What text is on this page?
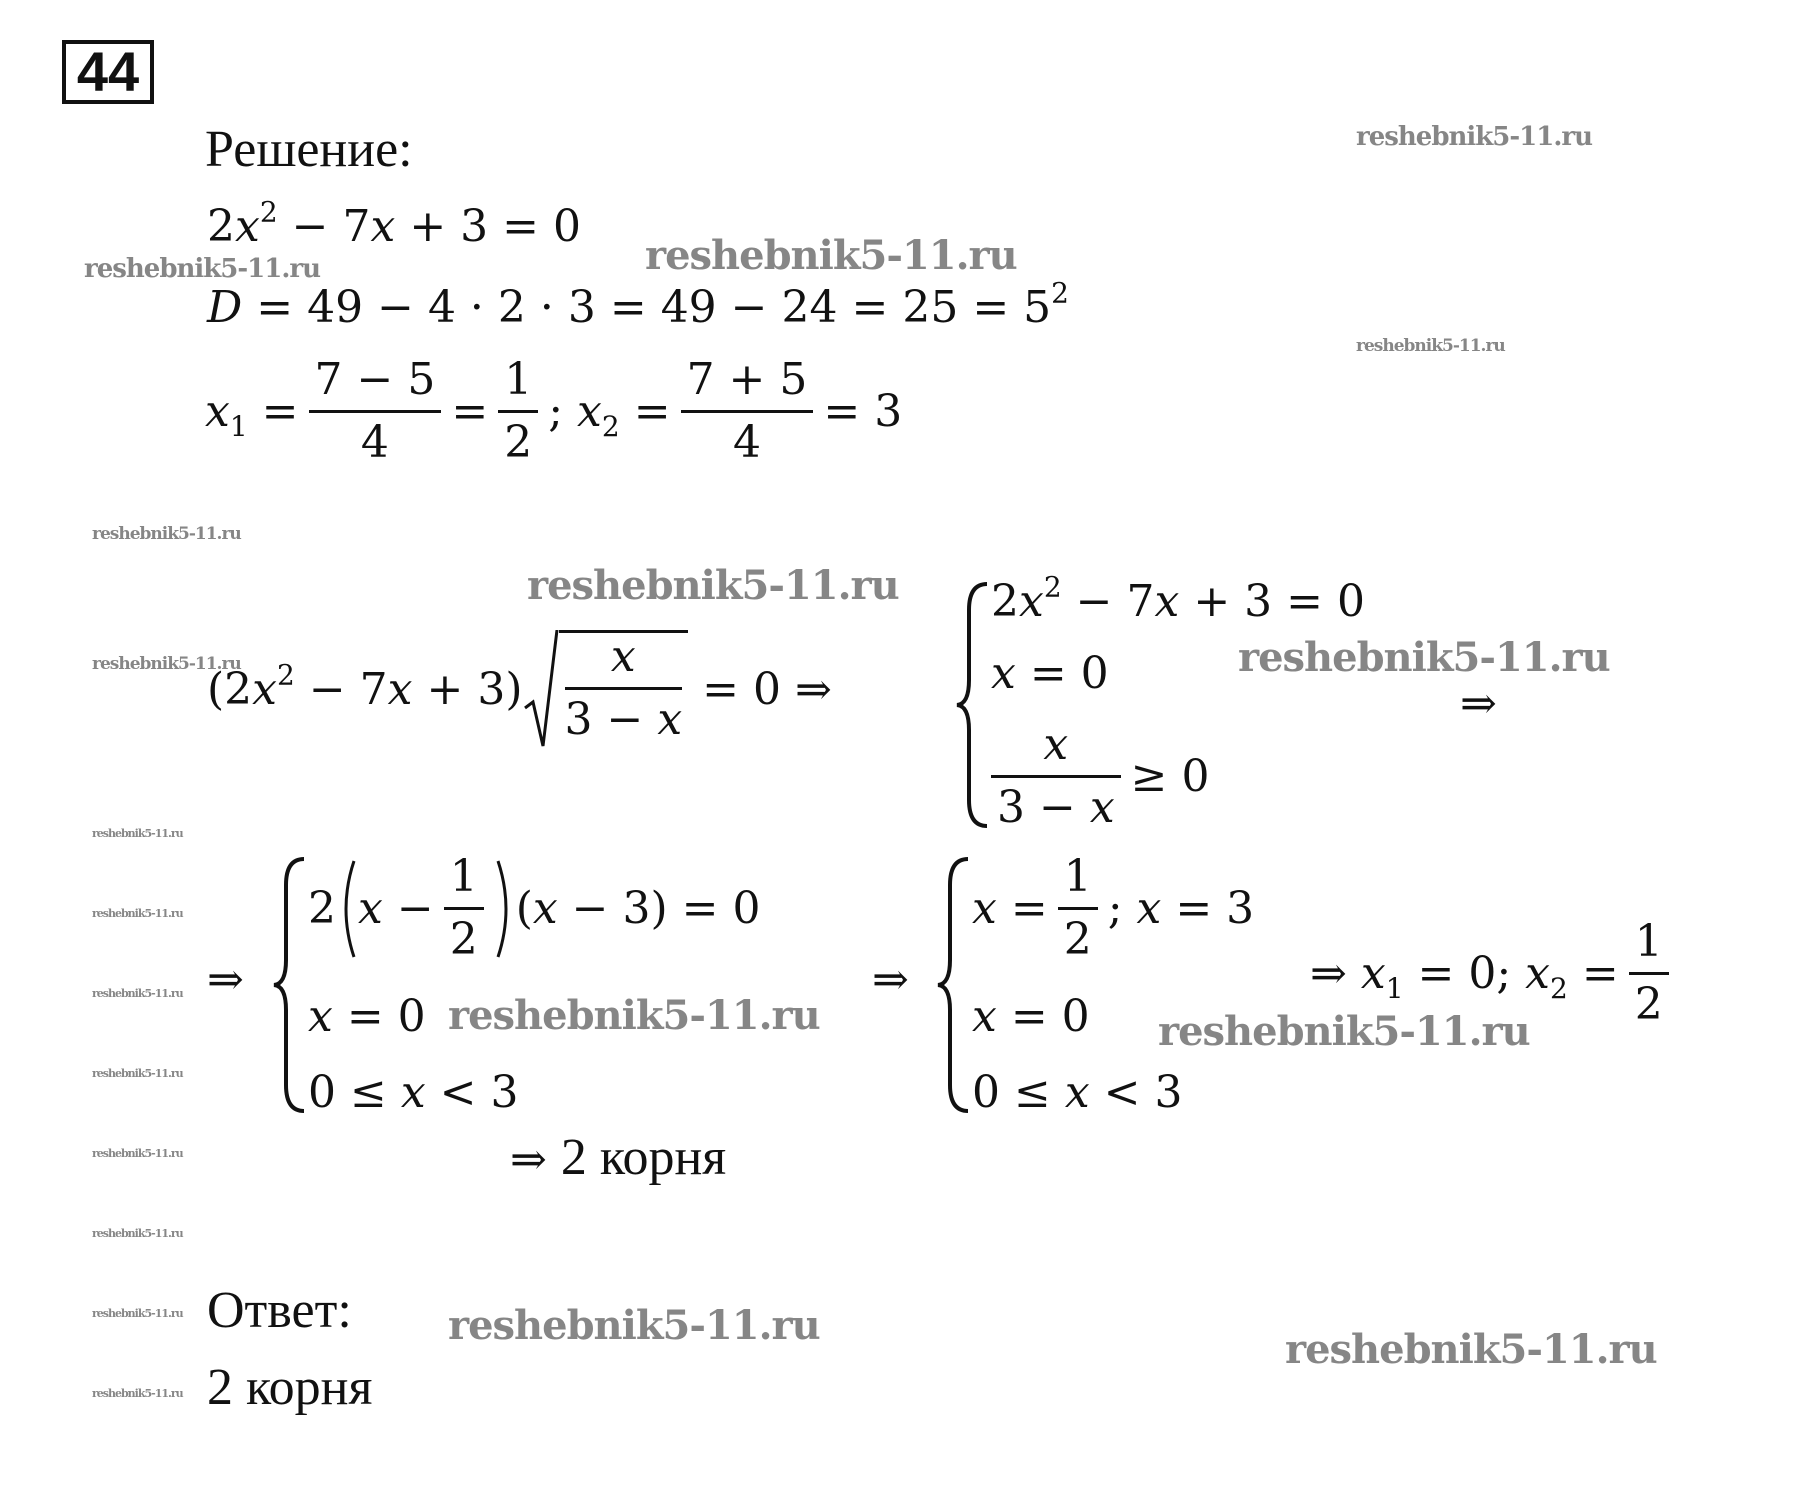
44
Решение:
$2x^2 - 7x + 3 = 0$
$D = 49 - 4 \cdot 2 \cdot 3 = 49 - 24 = 25 = 5^2$
$x_1 = \frac{7 - 5}{4} = \frac{1}{2}$ ; $x_2 = \frac{7 + 5}{4} = 3$
$(2x^2 - 7x + 3)$
x
3 − x
= 0 ⇒
$2x^2 - 7x + 3 = 0$
x = 0
$\frac{x}{3 - x} \ge 0$
⇒
⇒
2 $x - \frac{1}{2} (x - 3) = 0$
x = 0
0 ≤ x < 3
⇒
$x = \frac{1}{2}$ ; x = 3
x = 0
0 ≤ x < 3
⇒ $x_1 = 0$; $x_2 = \frac{1}{2}$
⇒ 2 корня
Ответ:
2 корня
reshebnik5-11.ru
reshebnik5-11.ru
reshebnik5-11.ru
reshebnik5-11.ru
reshebnik5-11.ru
reshebnik5-11.ru
reshebnik5-11.ru	reshebnik5-11.ru
reshebnik5-11.ru
reshebnik5-11.ru
reshebnik5-11.ru
reshebnik5-11.ru
reshebnik5-11.ru
reshebnik5-11.ru
reshebnik5-11.ru
reshebnik5-11.ru
reshebnik5-11.ru	reshebnik5-11.ru
reshebnik5-11.ru
reshebnik5-11.ru
